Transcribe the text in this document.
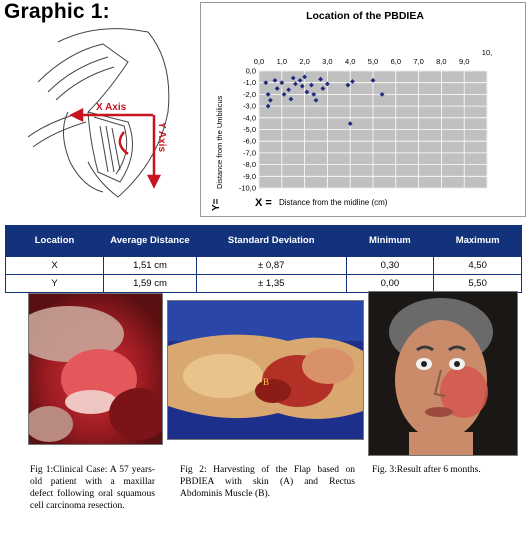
Graphic 1:
X Axis
Y Axis
Location of the PBDIEA
0,0 1,0 2,0 3,0 4,0 5,0 6,0 7,0 8,0 9,0
10,
0,0
-1,0
-2,0
-3,0
-4,0
-5,0
-6,0
-7,0
-8,0
-9,0
-10,0
Y=
Distance from the Umbilicus
X = Distance from the midline (cm)
Location	Average Distance	Standard Deviation	Minimum	Maximum
X	1,51 cm	± 0,87	0,30	4,50
Y	1,59 cm	± 1,35	0,00	5,50
B
Fig 1:Clinical Case: A 57 years-old patient with a maxillar defect following oral squamous cell carcinoma resection.
Fig 2: Harvesting of the Flap based on PBDIEA with skin (A) and Rectus Abdominis Muscle (B).
Fig. 3:Result after 6 months.
